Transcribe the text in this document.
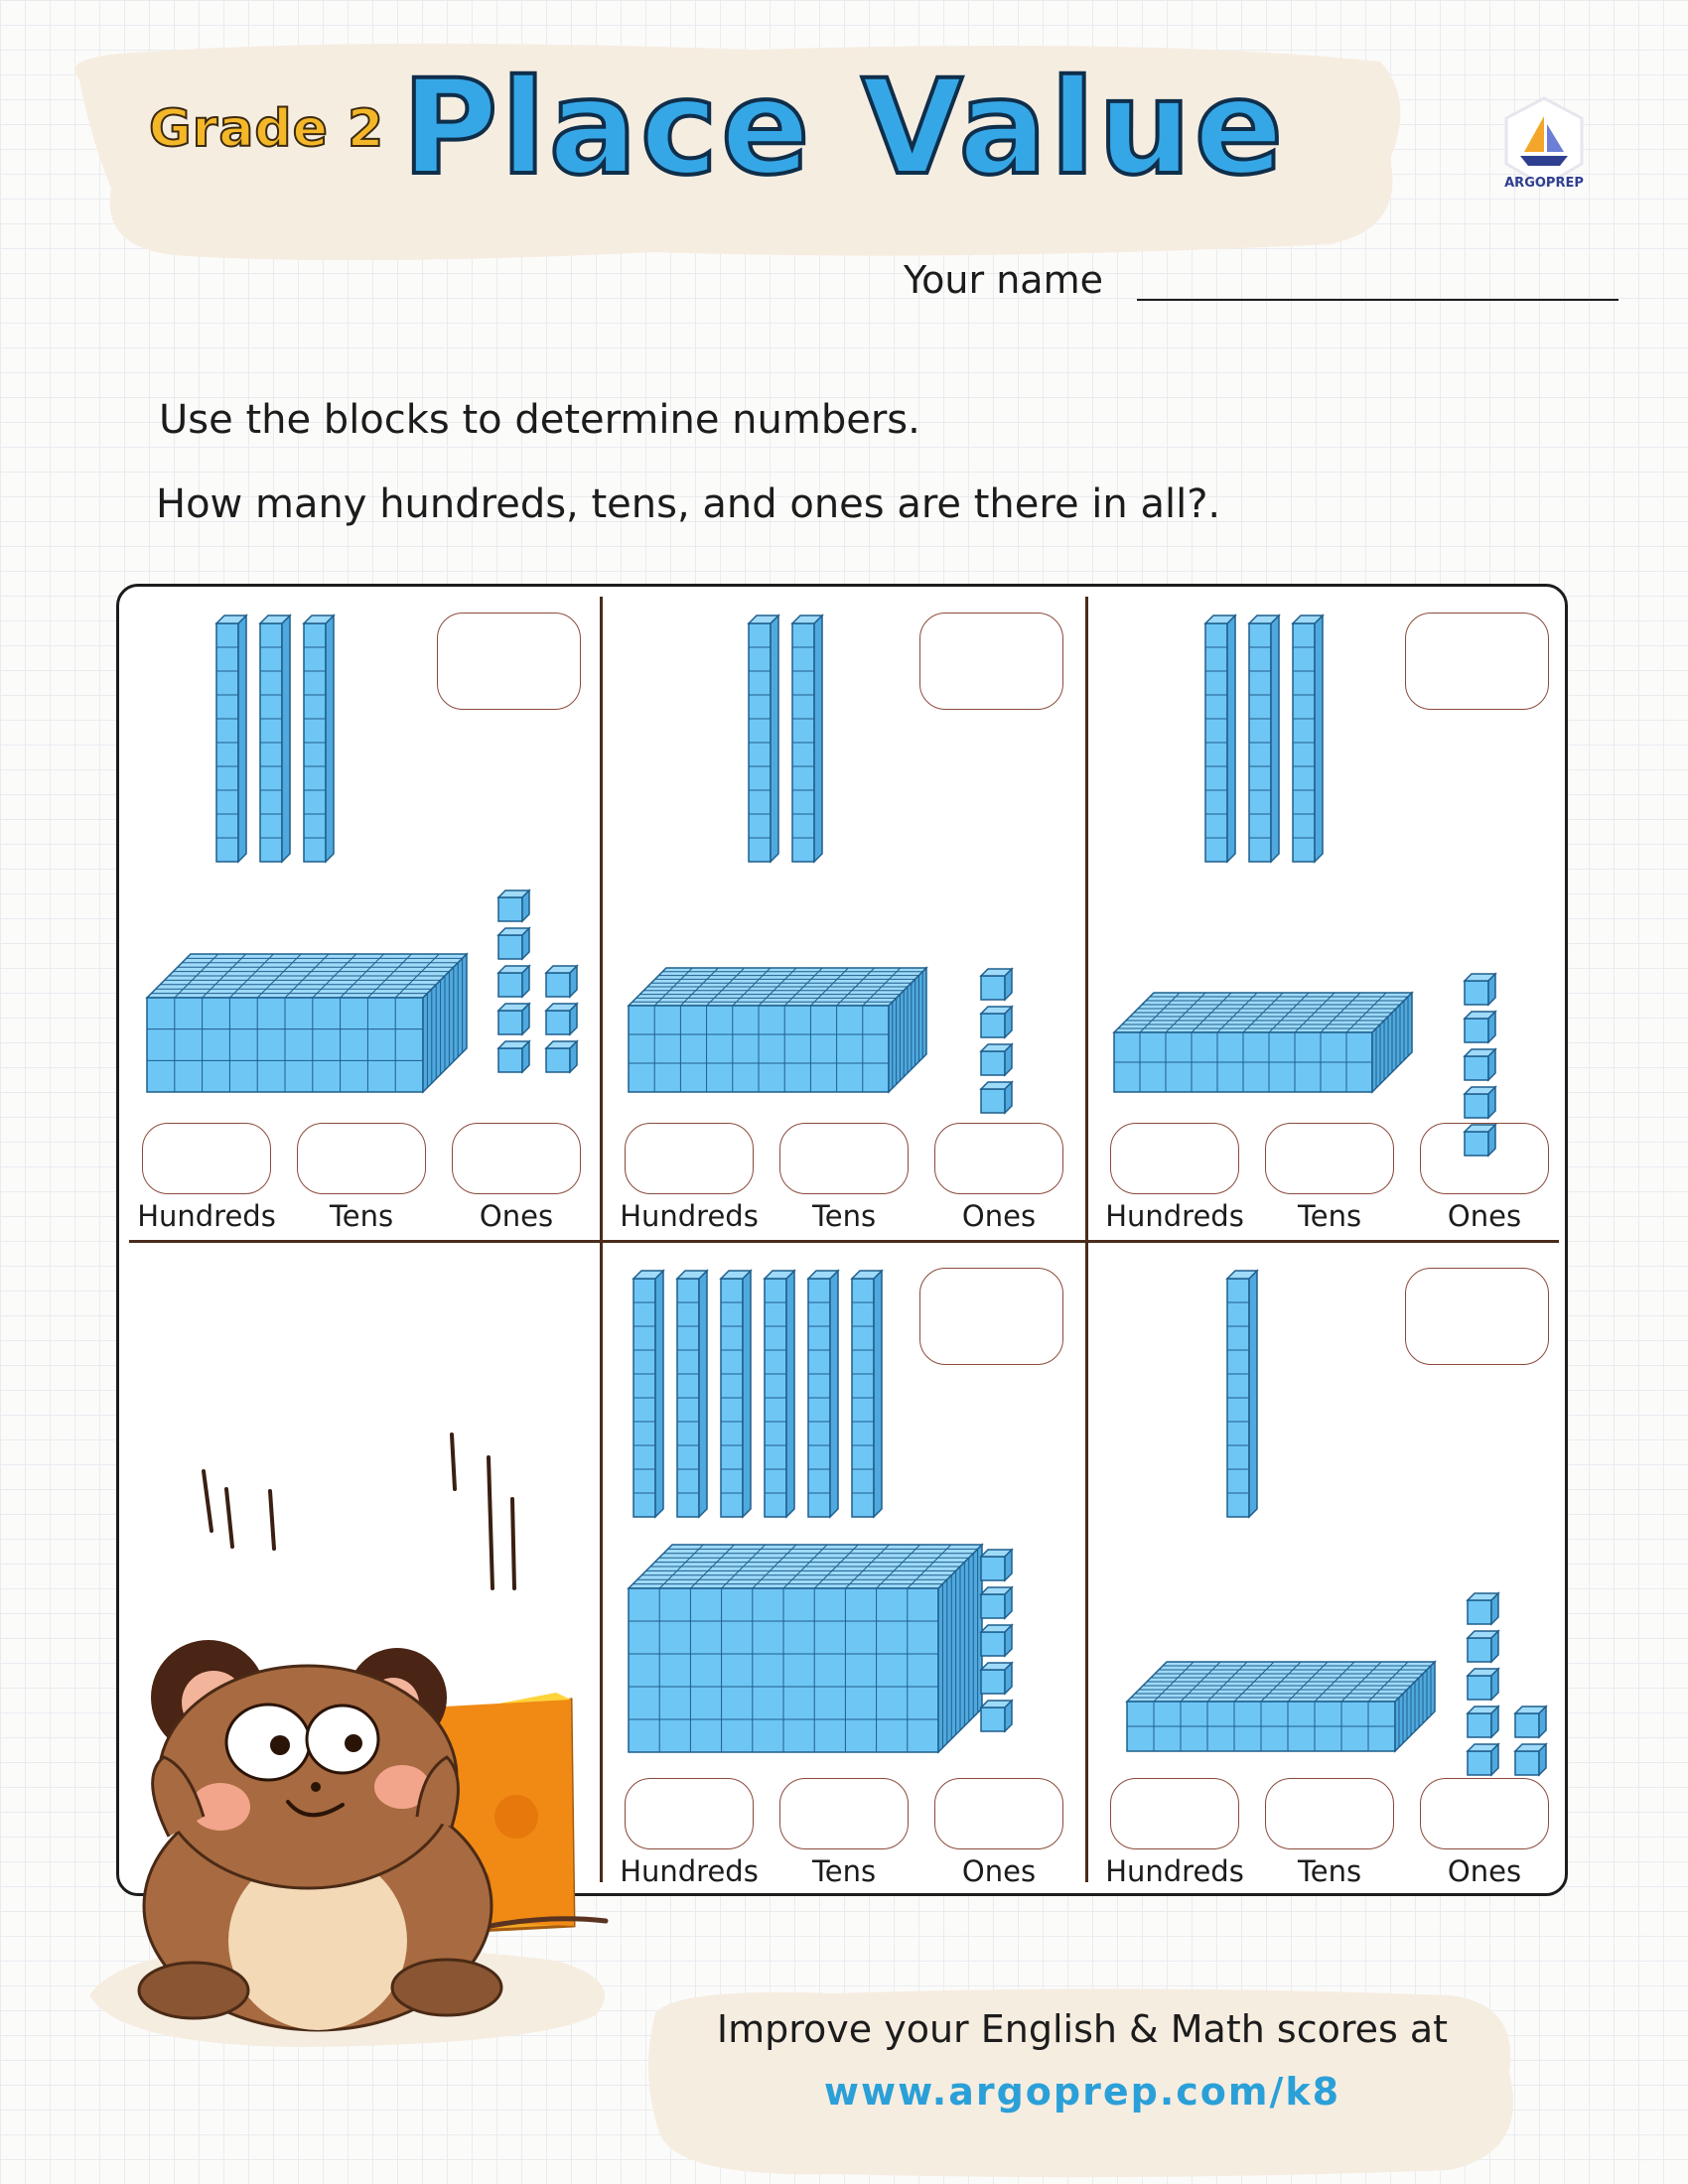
Grade 2 Place Value	ARGOPREP
Your name
Use the blocks to determine numbers.
How many hundreds, tens, and ones are there in all?.
Hundreds	Tens	Ones	Hundreds	Tens	Ones	Hundreds	Tens	Ones
Hundreds	Tens	Ones	Hundreds	Tens	Ones
Improve your English & Math scores at
www.argoprep.com/k8
